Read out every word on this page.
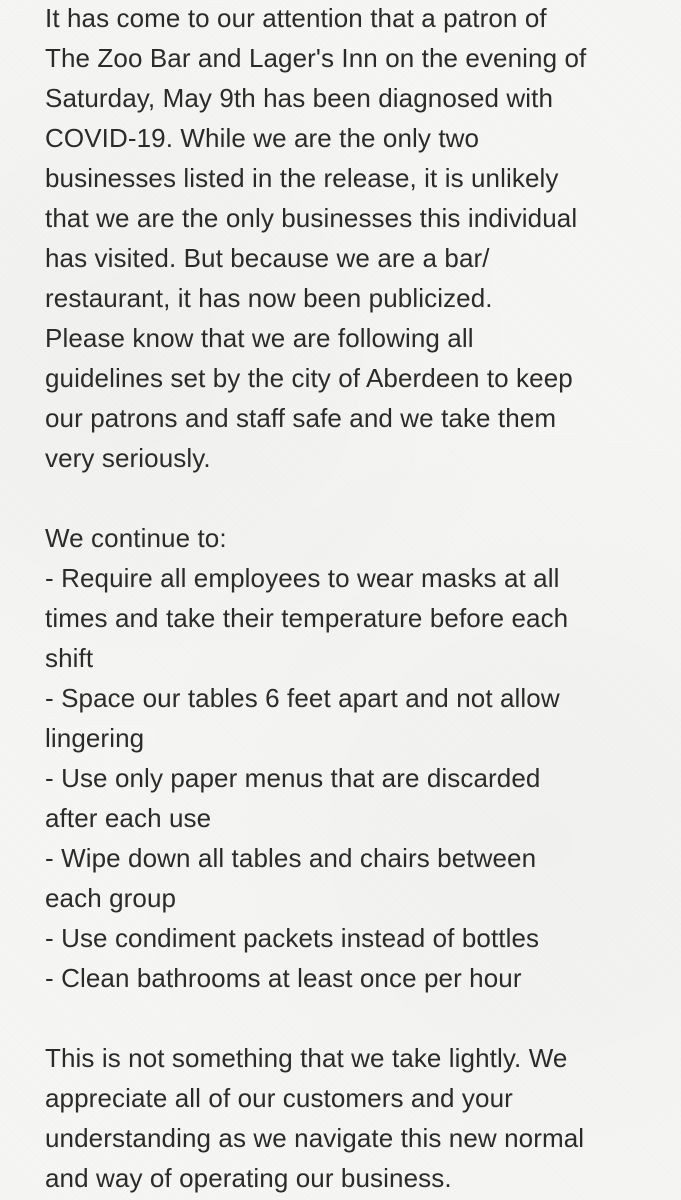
It has come to our attention that a patron of
The Zoo Bar and Lager's Inn on the evening of
Saturday, May 9th has been diagnosed with
COVID-19. While we are the only two
businesses listed in the release, it is unlikely
that we are the only businesses this individual
has visited. But because we are a bar/
restaurant, it has now been publicized.
Please know that we are following all
guidelines set by the city of Aberdeen to keep
our patrons and staff safe and we take them
very seriously.
We continue to:
- Require all employees to wear masks at all
times and take their temperature before each
shift
- Space our tables 6 feet apart and not allow
lingering
- Use only paper menus that are discarded
after each use
- Wipe down all tables and chairs between
each group
- Use condiment packets instead of bottles
- Clean bathrooms at least once per hour
This is not something that we take lightly. We
appreciate all of our customers and your
understanding as we navigate this new normal
and way of operating our business.
